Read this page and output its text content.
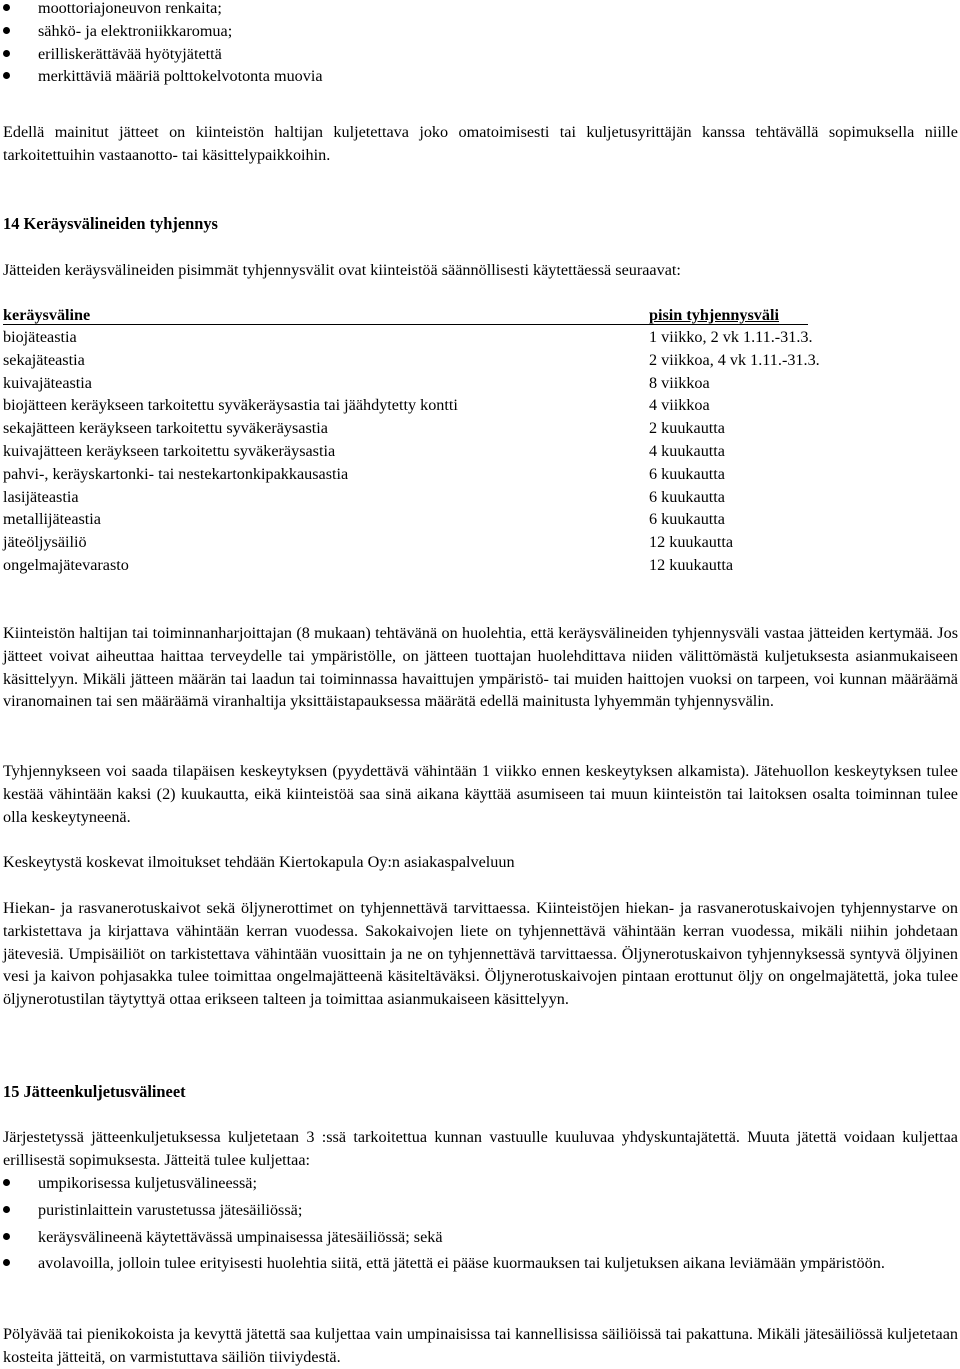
moottoriajoneuvon renkaita;
sähkö- ja elektroniikkaromua;
erilliskerättävää hyötyjätettä
merkittäviä määriä polttokelvotonta muovia

Edellä mainitut jätteet on kiinteistön haltijan kuljetettava joko omatoimisesti tai kuljetusyrittäjän kanssa tehtävällä sopimuksella niille tarkoitettuihin vastaanotto- tai käsittelypaikkoihin.

14 Keräysvälineiden tyhjennys

Jätteiden keräysvälineiden pisimmät tyhjennysvälit ovat kiinteistöä säännöllisesti käytettäessä seuraavat:

keräysväline	pisin tyhjennysväli
biojäteastia	1 viikko, 2 vk 1.11.-31.3.
sekajäteastia	2 viikkoa, 4 vk 1.11.-31.3.
kuivajäteastia	8 viikkoa
biojätteen keräykseen tarkoitettu syväkeräysastia tai jäähdytetty kontti	4 viikkoa
sekajätteen keräykseen tarkoitettu syväkeräysastia	2 kuukautta
kuivajätteen keräykseen tarkoitettu syväkeräysastia	4 kuukautta
pahvi-, keräyskartonki- tai nestekartonkipakkausastia	6 kuukautta
lasijäteastia	6 kuukautta
metallijäteastia	6 kuukautta
jäteöljysäiliö	12 kuukautta
ongelmajätevarasto	12 kuukautta

Kiinteistön haltijan tai toiminnanharjoittajan (8 mukaan) tehtävänä on huolehtia, että keräysvälineiden tyhjennysväli vastaa jätteiden kertymää. Jos jätteet voivat aiheuttaa haittaa terveydelle tai ympäristölle, on jätteen tuottajan huolehdittava niiden välittömästä kuljetuksesta asianmukaiseen käsittelyyn. Mikäli jätteen määrän tai laadun tai toiminnassa havaittujen ympäristö- tai muiden haittojen vuoksi on tarpeen, voi kunnan määräämä viranomainen tai sen määräämä viranhaltija yksittäistapauksessa määrätä edellä mainitusta lyhyemmän tyhjennysvälin.

Tyhjennykseen voi saada tilapäisen keskeytyksen (pyydettävä vähintään 1 viikko ennen keskeytyksen alkamista). Jätehuollon keskeytyksen tulee kestää vähintään kaksi (2) kuukautta, eikä kiinteistöä saa sinä aikana käyttää asumiseen tai muun kiinteistön tai laitoksen osalta toiminnan tulee olla keskeytyneenä.

Keskeytystä koskevat ilmoitukset tehdään Kiertokapula Oy:n asiakaspalveluun

Hiekan- ja rasvanerotuskaivot sekä öljynerottimet on tyhjennettävä tarvittaessa. Kiinteistöjen hiekan- ja rasvanerotuskaivojen tyhjennystarve on tarkistettava ja kirjattava vähintään kerran vuodessa. Sakokaivojen liete on tyhjennettävä vähintään kerran vuodessa, mikäli niihin johdetaan jätevesiä. Umpisäiliöt on tarkistettava vähintään vuosittain ja ne on tyhjennettävä tarvittaessa. Öljynerotuskaivon tyhjennyksessä syntyvä öljyinen vesi ja kaivon pohjasakka tulee toimittaa ongelmajätteenä käsiteltäväksi. Öljynerotuskaivojen pintaan erottunut öljy on ongelmajätettä, joka tulee öljynerotustilan täytyttyä ottaa erikseen talteen ja toimittaa asianmukaiseen käsittelyyn.

15 Jätteenkuljetusvälineet

Järjestetyssä jätteenkuljetuksessa kuljetetaan 3 :ssä tarkoitettua kunnan vastuulle kuuluvaa yhdyskuntajätettä. Muuta jätettä voidaan kuljettaa erillisestä sopimuksesta. Jätteitä tulee kuljettaa:

umpikorisessa kuljetusvälineessä;
puristinlaittein varustetussa jätesäiliössä;
keräysvälineenä käytettävässä umpinaisessa jätesäiliössä; sekä
avolavoilla, jolloin tulee erityisesti huolehtia siitä, että jätettä ei pääse kuormauksen tai kuljetuksen aikana leviämään ympäristöön.

Pölyävää tai pienikokoista ja kevyttä jätettä saa kuljettaa vain umpinaisissa tai kannellisissa säiliöissä tai pakattuna. Mikäli jätesäiliössä kuljetetaan kosteita jätteitä, on varmistuttava säiliön tiiviydestä.
